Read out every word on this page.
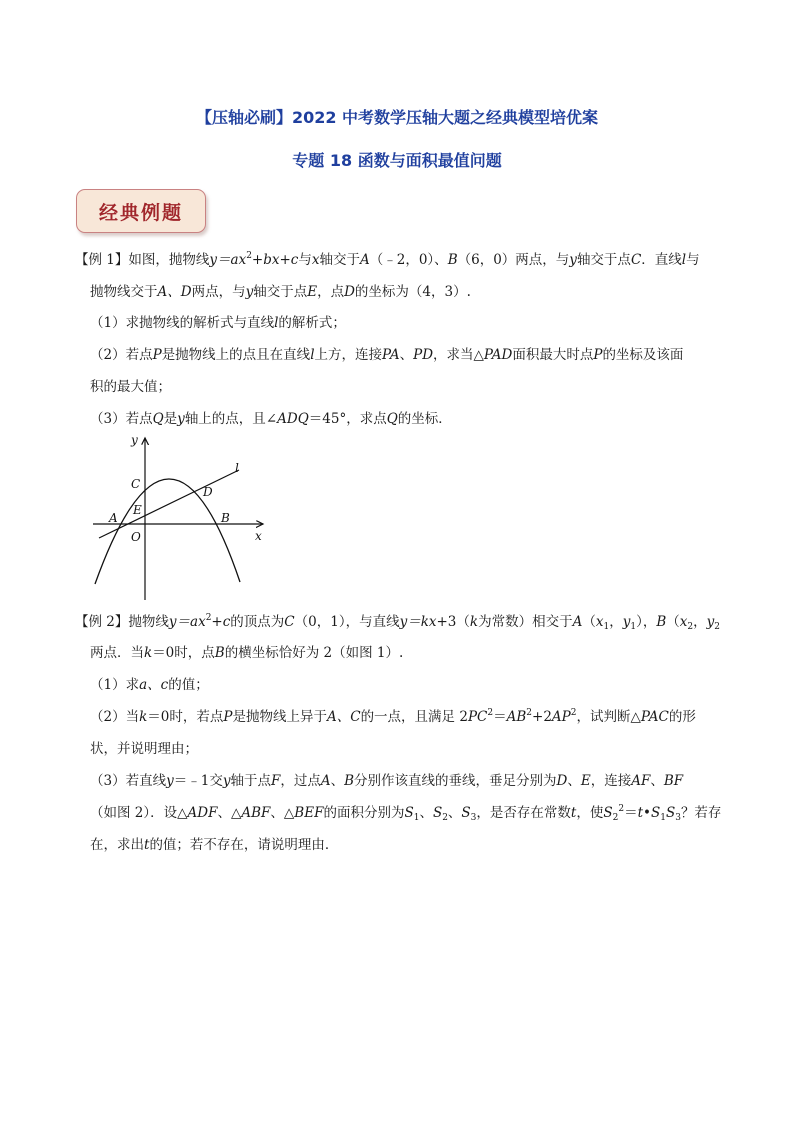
【压轴必刷】2022 中考数学压轴大题之经典模型培优案
专题 18 函数与面积最值问题
经典例题
【例 1】如图，抛物线$y=ax^2+bx+c$与x轴交于A（﹣2，0）、B（6，0）两点，与y轴交于点C．直线l与
抛物线交于A、D两点，与y轴交于点E，点D的坐标为（4，3）.
（1）求抛物线的解析式与直线l的解析式；
（2）若点P是抛物线上的点且在直线l上方，连接PA、PD，求当△PAD面积最大时点P的坐标及该面
积的最大值；
（3）若点Q是y轴上的点，且∠ADQ＝45°，求点Q的坐标．
y
x
l
C
D
A
E
B
O
【例 2】抛物线$y=ax^2+c$的顶点为C（0，1），与直线y＝kx+3（k为常数）相交于$A(x_1$，$y_1$），$B(x_2$，$y_2$
两点．当k＝0时，点B的横坐标恰好为 2（如图 1）.
（1）求a、c的值；
（2）当k＝0时，若点P是抛物线上异于A、C的一点，且满足 $2PC^2=AB^2+2AP^2$，试判断△PAC的形
状，并说明理由；
（3）若直线y＝﹣1交y轴于点F，过点A、B分别作该直线的垂线，垂足分别为D、E，连接AF、BF
（如图 2）．设△ADF、△ABF、△BEF的面积分别为$S_1$、$S_2$、$S_3$，是否存在常数t，使$S_2^2=t•S_1S_3$？若存
在，求出t的值；若不存在，请说明理由．
